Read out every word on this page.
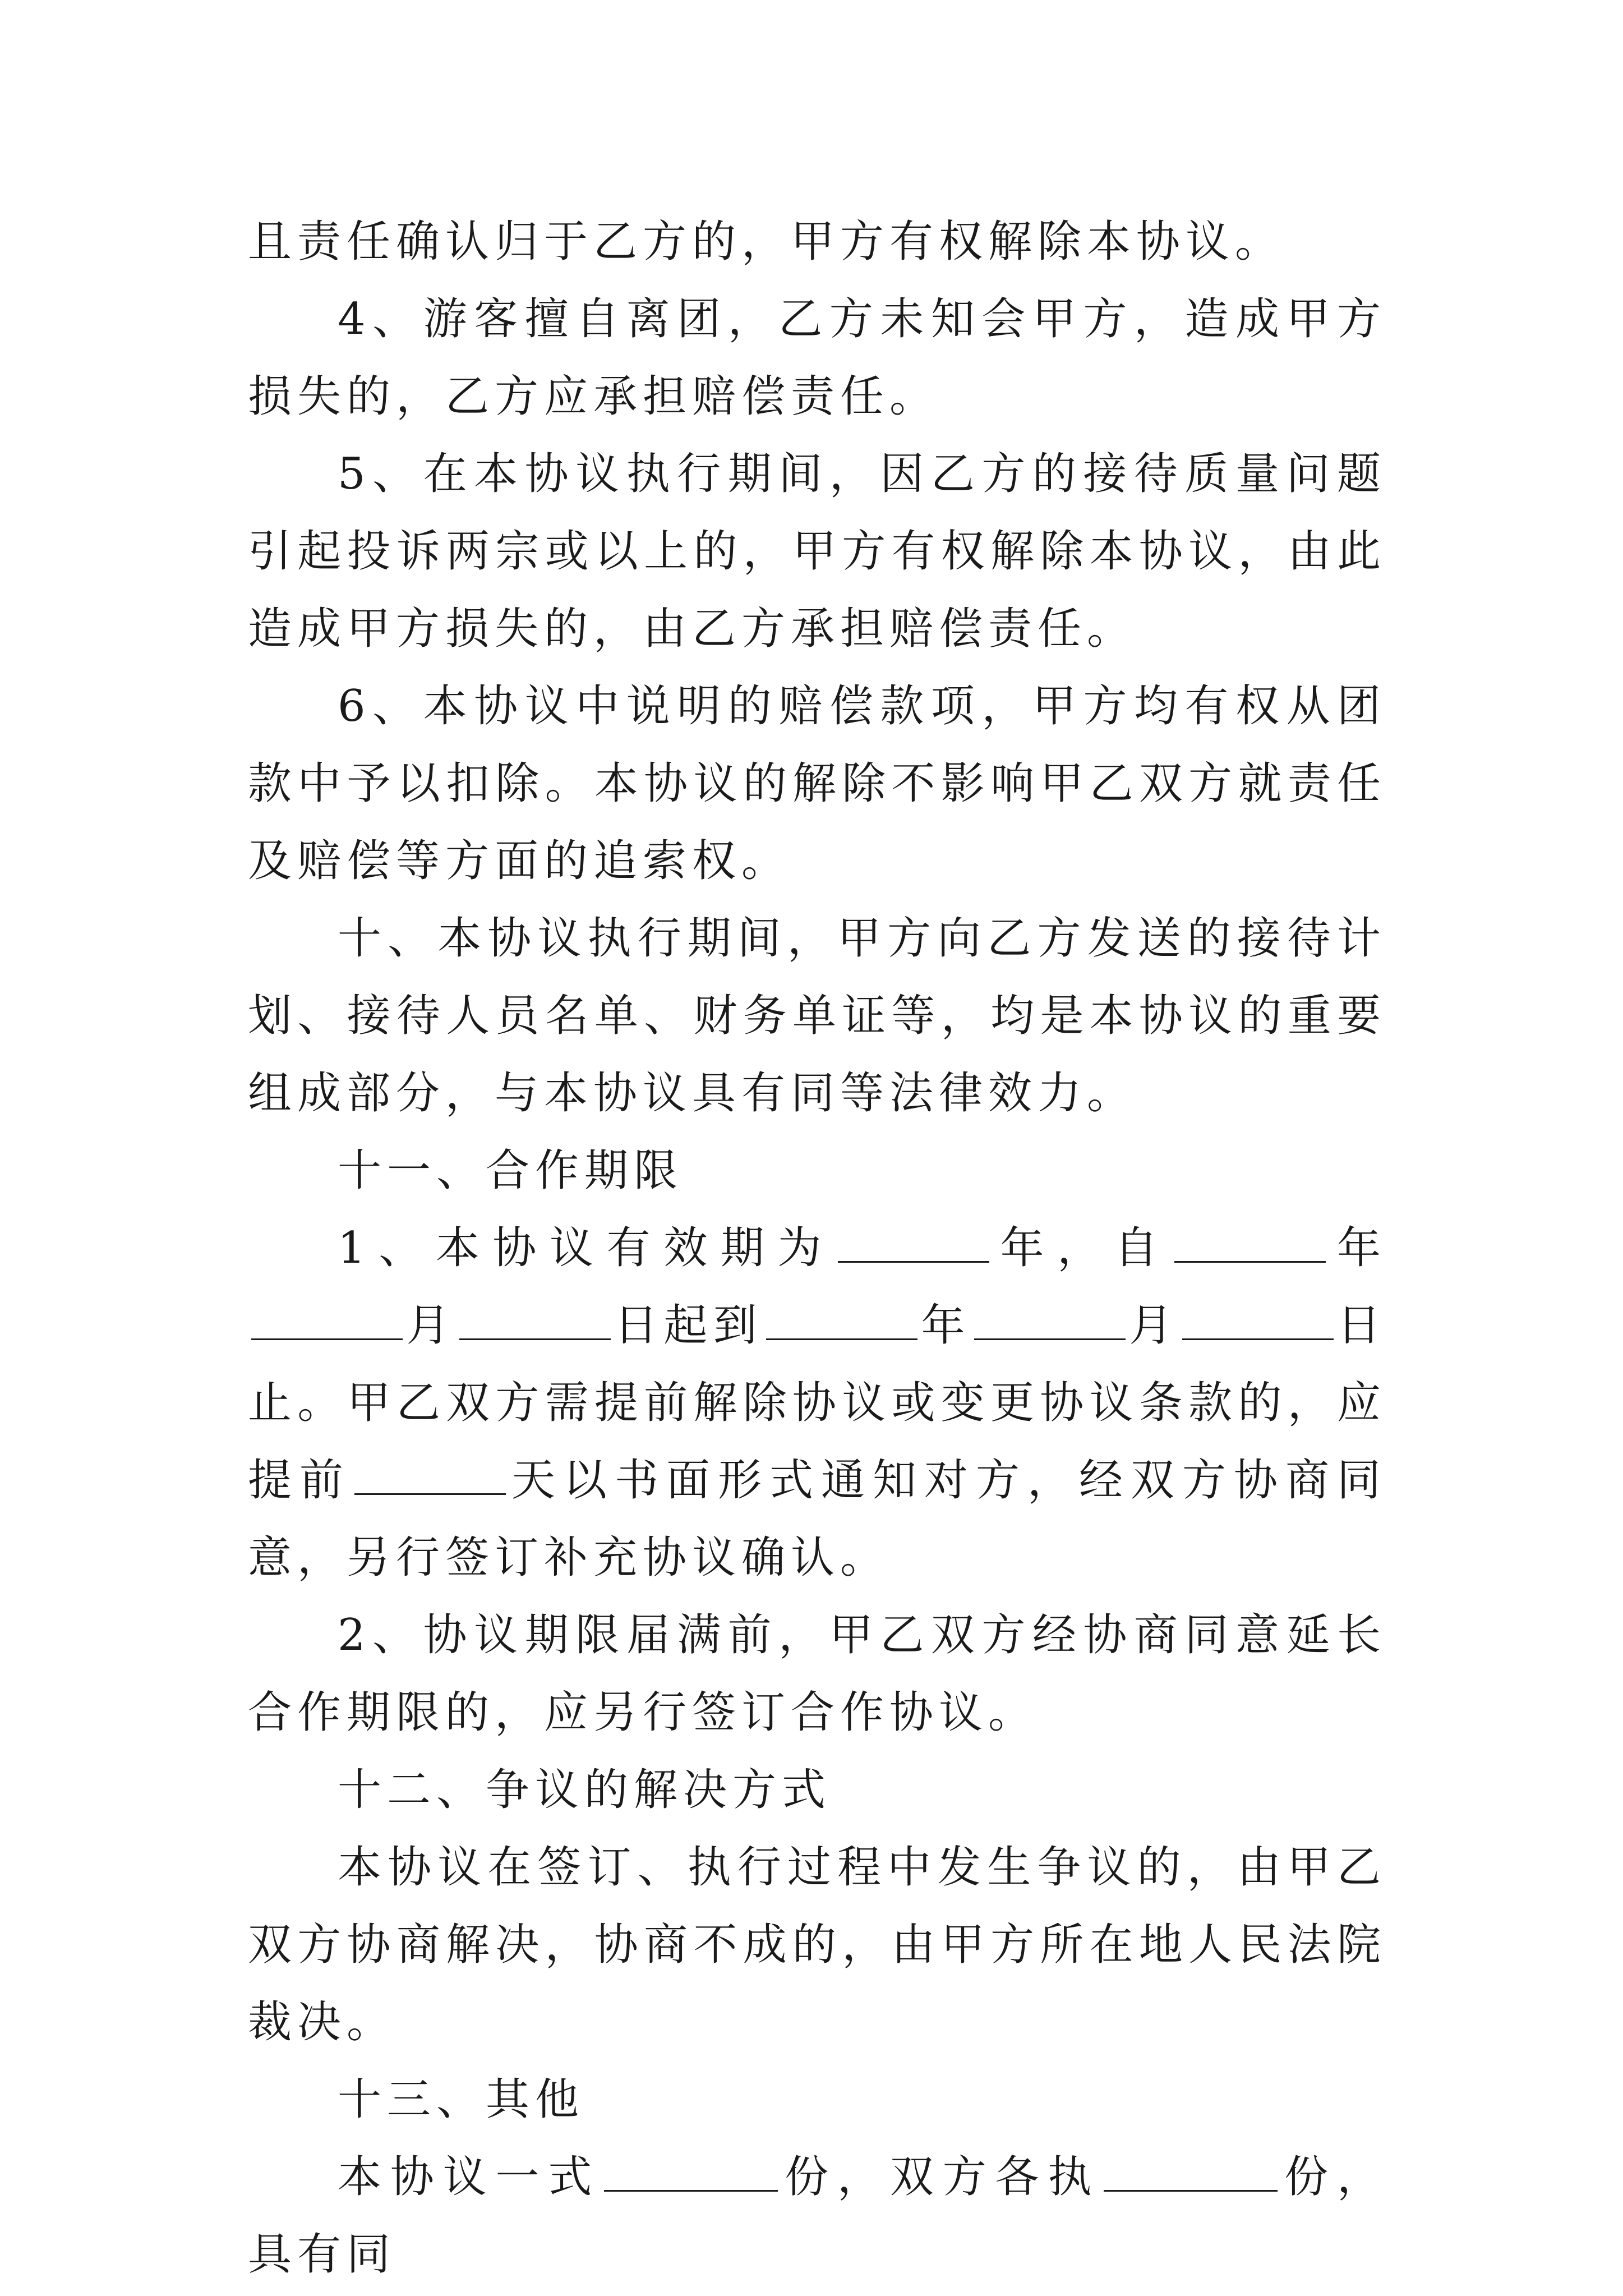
且责任确认归于乙方的，甲方有权解除本协议。

4、游客擅自离团，乙方未知会甲方，造成甲方损失的，乙方应承担赔偿责任。

5、在本协议执行期间，因乙方的接待质量问题引起投诉两宗或以上的，甲方有权解除本协议，由此造成甲方损失的，由乙方承担赔偿责任。

6、本协议中说明的赔偿款项，甲方均有权从团款中予以扣除。本协议的解除不影响甲乙双方就责任及赔偿等方面的追索权。

十、本协议执行期间，甲方向乙方发送的接待计划、接待人员名单、财务单证等，均是本协议的重要组成部分，与本协议具有同等法律效力。

十一、合作期限

1、本协议有效期为	年，自	年月	日起到	年	月	日止。甲乙双方需提前解除协议或变更协议条款的，应提前	天以书面形式通知对方，经双方协商同意，另行签订补充协议确认。

2、协议期限届满前，甲乙双方经协商同意延长合作期限的，应另行签订合作协议。

十二、争议的解决方式

本协议在签订、执行过程中发生争议的，由甲乙双方协商解决，协商不成的，由甲方所在地人民法院裁决。

十三、其他

本协议一式	份，双方各执	份，具有同
